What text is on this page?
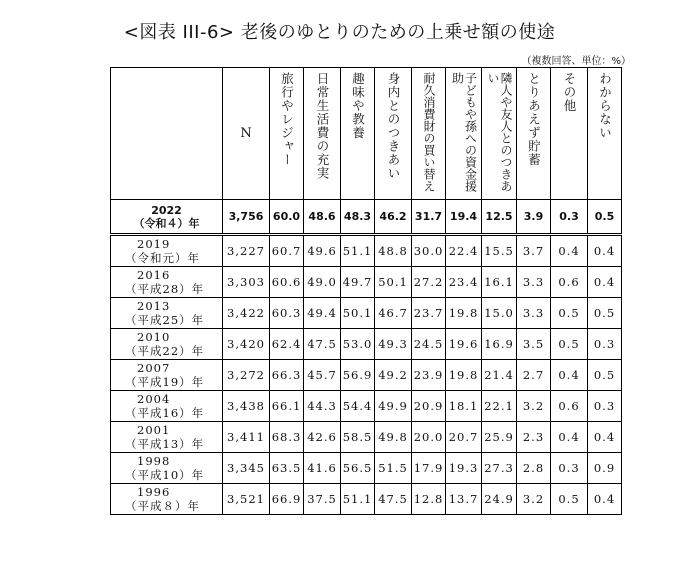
<図表 III-6> 老後のゆとりのための上乗せ額の使途
（複数回答、単位：%）
	N	旅行やレジャー	日常生活費の充実	趣味や教養	身内とのつきあい	耐久消費財の買い替え	子どもや孫への資金援助	隣人や友人とのつきあい	とりあえず貯蓄	その他	わからない

2022
（令和４）年	3,756	60.0	48.6	48.3	46.2	31.7	19.4	12.5	3.9	0.3	0.5

2019
（令和元）年	3,227	60.7	49.6	51.1	48.8	30.0	22.4	15.5	3.7	0.4	0.4

2016
（平成28）年	3,303	60.6	49.0	49.7	50.1	27.2	23.4	16.1	3.3	0.6	0.4

2013
（平成25）年	3,422	60.3	49.4	50.1	46.7	23.7	19.8	15.0	3.3	0.5	0.5

2010
（平成22）年	3,420	62.4	47.5	53.0	49.3	24.5	19.6	16.9	3.5	0.5	0.3

2007
（平成19）年	3,272	66.3	45.7	56.9	49.2	23.9	19.8	21.4	2.7	0.4	0.5

2004
（平成16）年	3,438	66.1	44.3	54.4	49.9	20.9	18.1	22.1	3.2	0.6	0.3

2001
（平成13）年	3,411	68.3	42.6	58.5	49.8	20.0	20.7	25.9	2.3	0.4	0.4

1998
（平成10）年	3,345	63.5	41.6	56.5	51.5	17.9	19.3	27.3	2.8	0.3	0.9

1996
（平成８）年	3,521	66.9	37.5	51.1	47.5	12.8	13.7	24.9	3.2	0.5	0.4
